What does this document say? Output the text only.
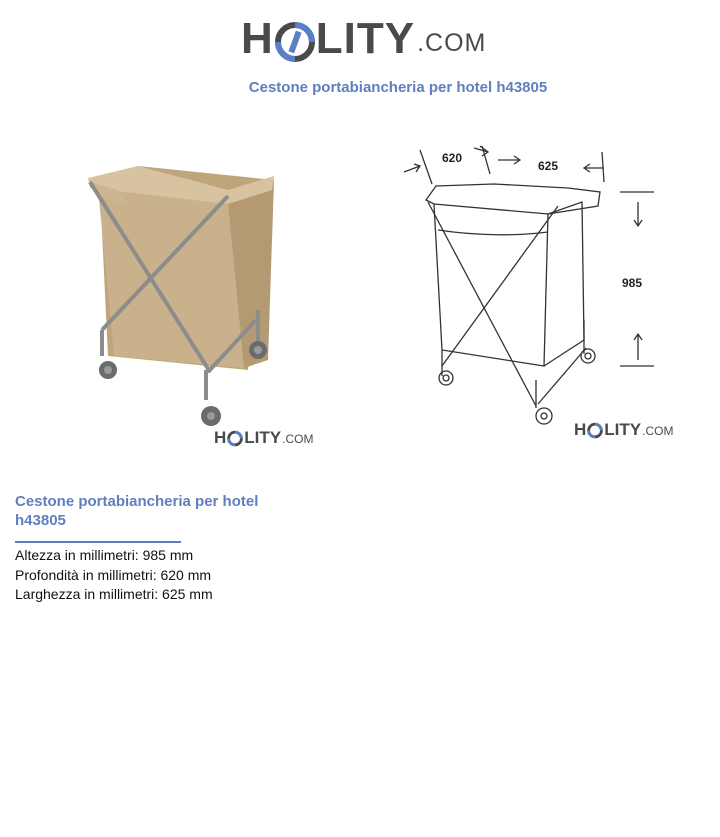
H LITY .COM
Cestone portabiancheria per hotel h43805
H LITY .COM
620
625
985
H LITY .COM
Cestone portabiancheria per hotel h43805
Altezza in millimetri: 985 mm
Profondità in millimetri: 620 mm
Larghezza in millimetri: 625 mm
